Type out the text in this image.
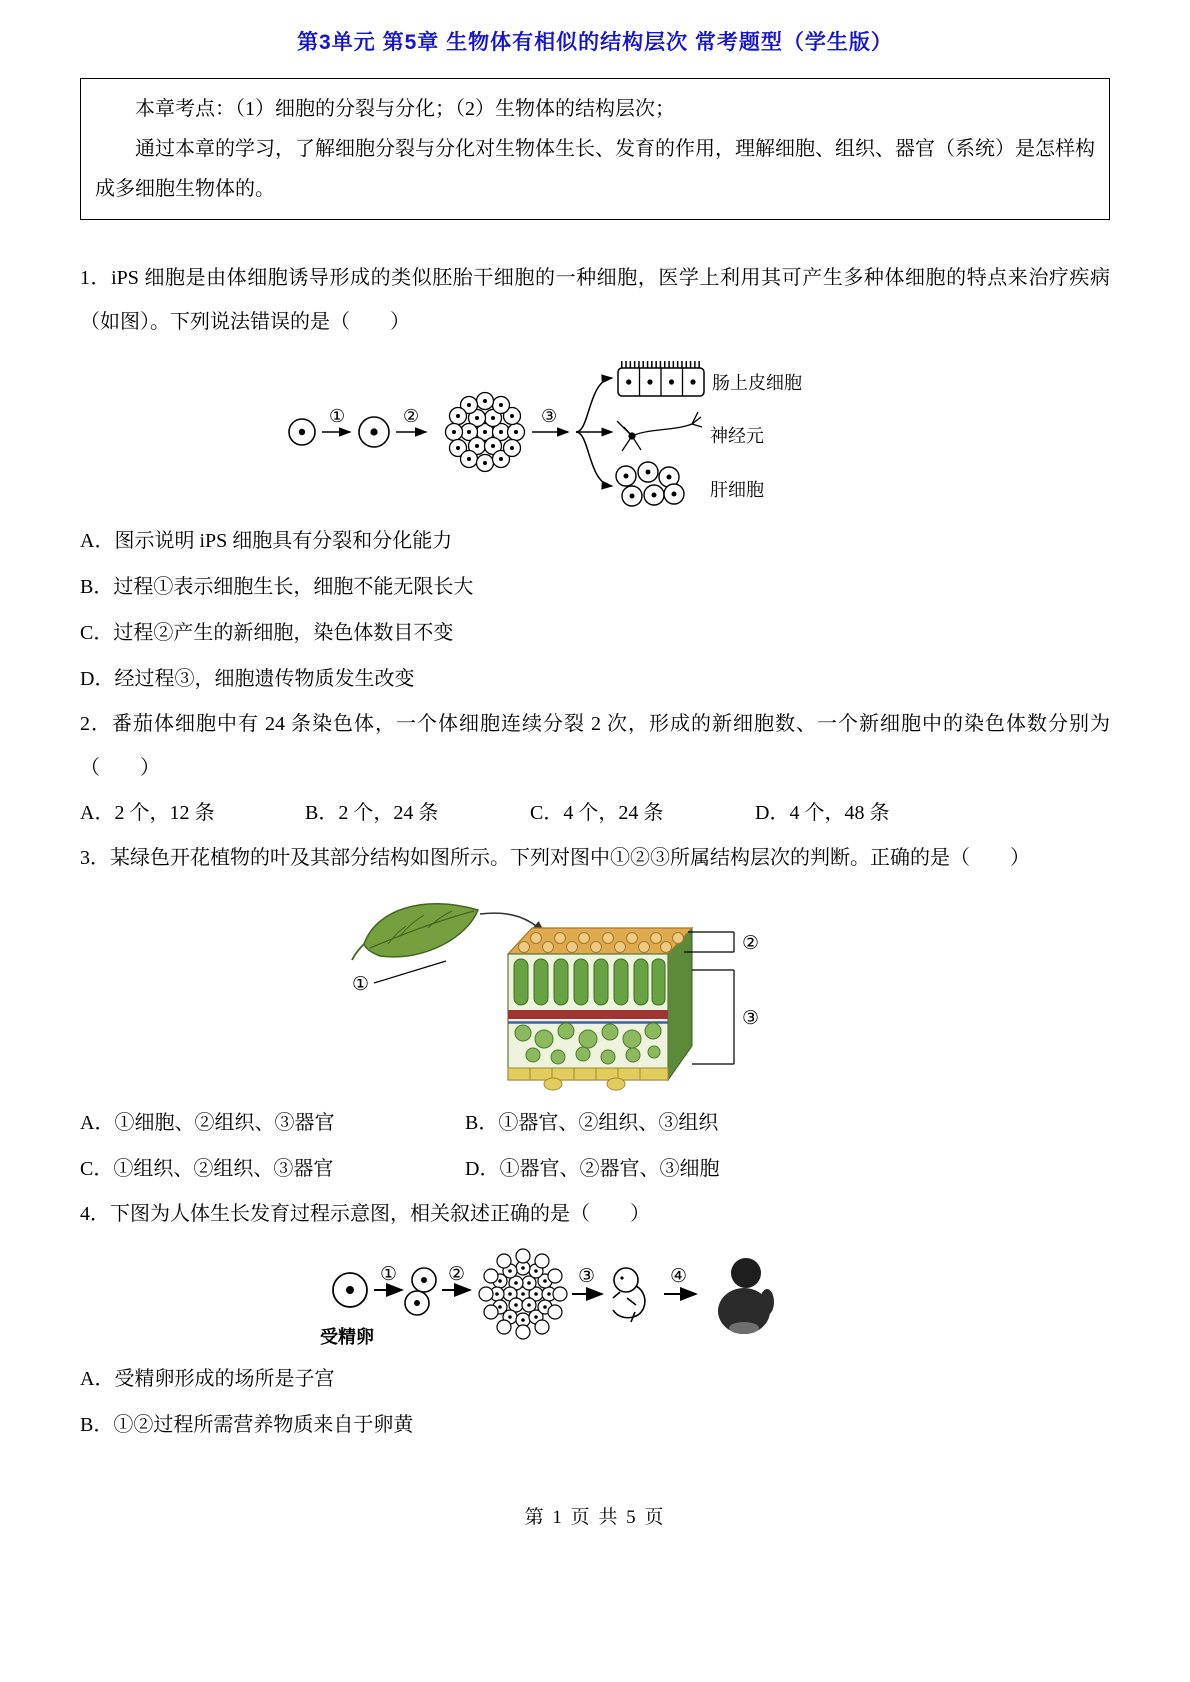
第3单元 第5章 生物体有相似的结构层次 常考题型（学生版）

本章考点：（1）细胞的分裂与分化；（2）生物体的结构层次；

通过本章的学习，了解细胞分裂与分化对生物体生长、发育的作用，理解细胞、组织、器官（系统）是怎样构成多细胞生物体的。

1．iPS 细胞是由体细胞诱导形成的类似胚胎干细胞的一种细胞，医学上利用其可产生多种体细胞的特点来治疗疾病（如图）。下列说法错误的是（　　）

①	②	③
肠上皮细胞
神经元
肝细胞

A．图示说明 iPS 细胞具有分裂和分化能力

B．过程①表示细胞生长，细胞不能无限长大

C．过程②产生的新细胞，染色体数目不变

D．经过程③，细胞遗传物质发生改变

2．番茄体细胞中有 24 条染色体，一个体细胞连续分裂 2 次，形成的新细胞数、一个新细胞中的染色体数分别为（　　）

A．2 个，12 条	B．2 个，24 条	C．4 个，24 条	D．4 个，48 条

3．某绿色开花植物的叶及其部分结构如图所示。下列对图中①②③所属结构层次的判断。正确的是（　　）

①
②
③

A．①细胞、②组织、③器官	B．①器官、②组织、③组织

C．①组织、②组织、③器官	D．①器官、②器官、③细胞

4．下图为人体生长发育过程示意图，相关叙述正确的是（　　）

受精卵
①	②	③	④

A．受精卵形成的场所是子宫

B．①②过程所需营养物质来自于卵黄

第 1 页 共 5 页
